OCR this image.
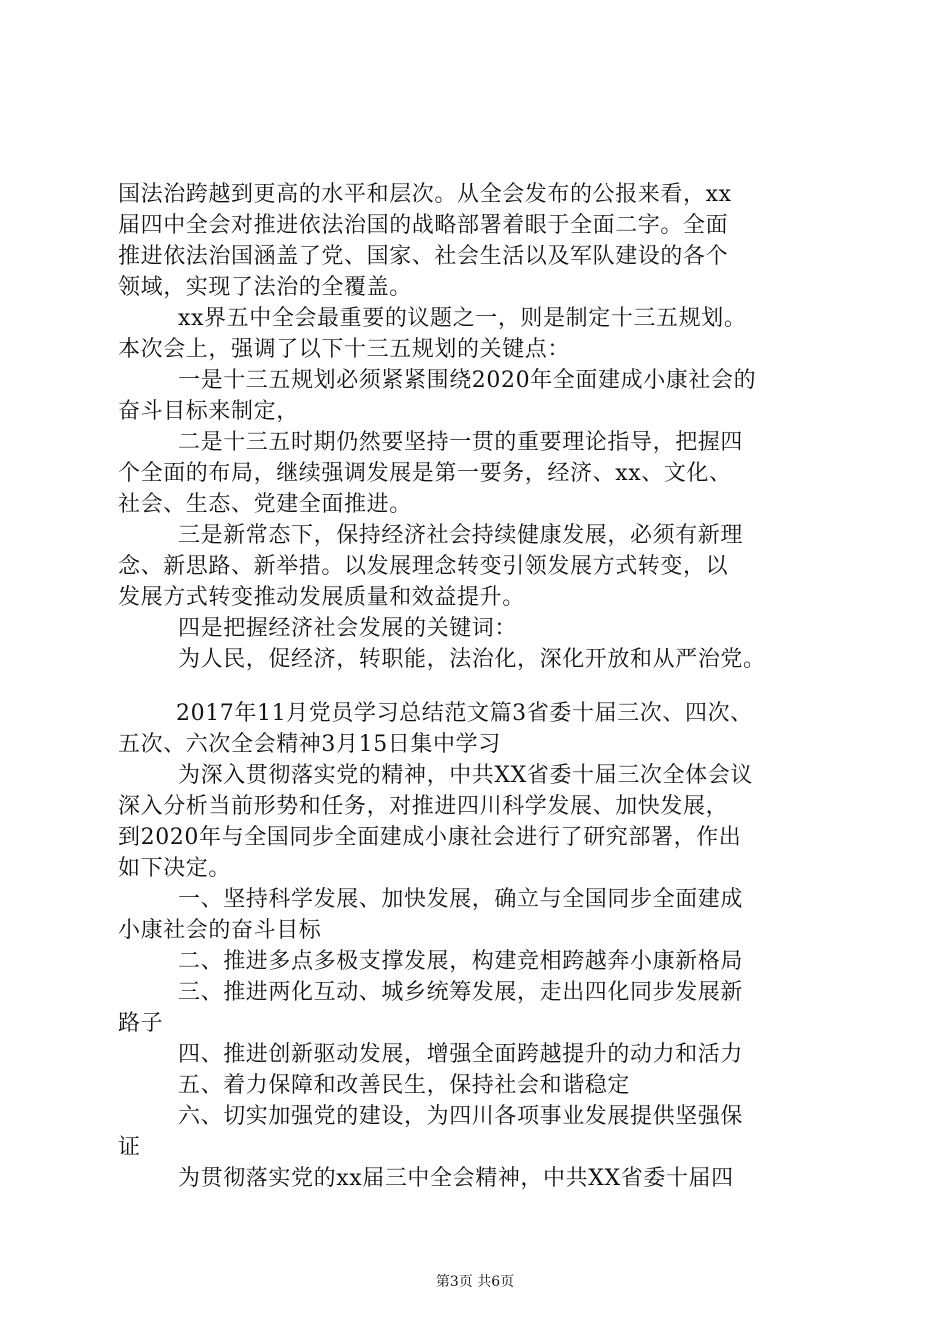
国法治跨越到更高的水平和层次。从全会发布的公报来看，xx
届四中全会对推进依法治国的战略部署着眼于全面二字。全面
推进依法治国涵盖了党、国家、社会生活以及军队建设的各个
领域，实现了法治的全覆盖。
xx界五中全会最重要的议题之一，则是制定十三五规划。
本次会上，强调了以下十三五规划的关键点：
一是十三五规划必须紧紧围绕2020年全面建成小康社会的
奋斗目标来制定，
二是十三五时期仍然要坚持一贯的重要理论指导，把握四
个全面的布局，继续强调发展是第一要务，经济、xx、文化、
社会、生态、党建全面推进。
三是新常态下，保持经济社会持续健康发展，必须有新理
念、新思路、新举措。以发展理念转变引领发展方式转变，以
发展方式转变推动发展质量和效益提升。
四是把握经济社会发展的关键词：
为人民，促经济，转职能，法治化，深化开放和从严治党。
2017年11月党员学习总结范文篇3省委十届三次、四次、
五次、六次全会精神3月15日集中学习
为深入贯彻落实党的精神，中共XX省委十届三次全体会议
深入分析当前形势和任务，对推进四川科学发展、加快发展，
到2020年与全国同步全面建成小康社会进行了研究部署，作出
如下决定。
一、坚持科学发展、加快发展，确立与全国同步全面建成
小康社会的奋斗目标
二、推进多点多极支撑发展，构建竞相跨越奔小康新格局
三、推进两化互动、城乡统筹发展，走出四化同步发展新
路子
四、推进创新驱动发展，增强全面跨越提升的动力和活力
五、着力保障和改善民生，保持社会和谐稳定
六、切实加强党的建设，为四川各项事业发展提供坚强保
证
为贯彻落实党的xx届三中全会精神，中共XX省委十届四
第3页 共6页
